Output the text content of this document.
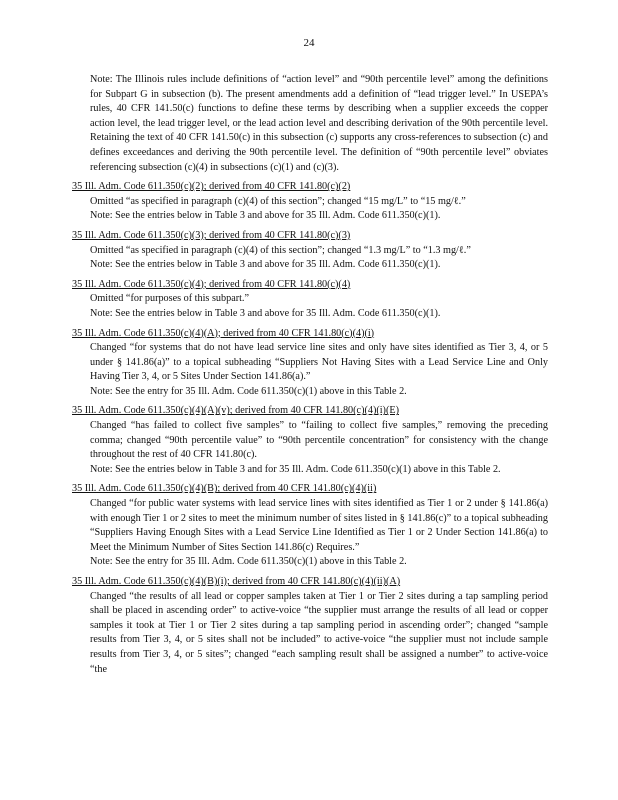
24

Note: The Illinois rules include definitions of “action level” and “90th percentile level” among the definitions for Subpart G in subsection (b). The present amendments add a definition of “lead trigger level.” In USEPA’s rules, 40 CFR 141.50(c) functions to define these terms by describing when a supplier exceeds the copper action level, the lead trigger level, or the lead action level and describing derivation of the 90th percentile level. Retaining the text of 40 CFR 141.50(c) in this subsection (c) supports any cross-references to subsection (c) and defines exceedances and deriving the 90th percentile level. The definition of “90th percentile level” obviates referencing subsection (c)(4) in subsections (c)(1) and (c)(3).

35 Ill. Adm. Code 611.350(c)(2); derived from 40 CFR 141.80(c)(2)

Omitted “as specified in paragraph (c)(4) of this section”; changed “15 mg/L” to “15 mg/ℓ.”

Note: See the entries below in Table 3 and above for 35 Ill. Adm. Code 611.350(c)(1).

35 Ill. Adm. Code 611.350(c)(3); derived from 40 CFR 141.80(c)(3)

Omitted “as specified in paragraph (c)(4) of this section”; changed “1.3 mg/L” to “1.3 mg/ℓ.”

Note: See the entries below in Table 3 and above for 35 Ill. Adm. Code 611.350(c)(1).

35 Ill. Adm. Code 611.350(c)(4); derived from 40 CFR 141.80(c)(4)

Omitted “for purposes of this subpart.”

Note: See the entries below in Table 3 and above for 35 Ill. Adm. Code 611.350(c)(1).

35 Ill. Adm. Code 611.350(c)(4)(A); derived from 40 CFR 141.80(c)(4)(i)

Changed “for systems that do not have lead service line sites and only have sites identified as Tier 3, 4, or 5 under § 141.86(a)” to a topical subheading “Suppliers Not Having Sites with a Lead Service Line and Only Having Tier 3, 4, or 5 Sites Under Section 141.86(a).”

Note: See the entry for 35 Ill. Adm. Code 611.350(c)(1) above in this Table 2.

35 Ill. Adm. Code 611.350(c)(4)(A)(v); derived from 40 CFR 141.80(c)(4)(i)(E)

Changed “has failed to collect five samples” to “failing to collect five samples,” removing the preceding comma; changed “90th percentile value” to “90th percentile concentration” for consistency with the change throughout the rest of 40 CFR 141.80(c).

Note: See the entries below in Table 3 and for 35 Ill. Adm. Code 611.350(c)(1) above in this Table 2.

35 Ill. Adm. Code 611.350(c)(4)(B); derived from 40 CFR 141.80(c)(4)(ii)

Changed “for public water systems with lead service lines with sites identified as Tier 1 or 2 under § 141.86(a) with enough Tier 1 or 2 sites to meet the minimum number of sites listed in § 141.86(c)” to a topical subheading “Suppliers Having Enough Sites with a Lead Service Line Identified as Tier 1 or 2 Under Section 141.86(a) to Meet the Minimum Number of Sites Section 141.86(c) Requires.”

Note: See the entry for 35 Ill. Adm. Code 611.350(c)(1) above in this Table 2.

35 Ill. Adm. Code 611.350(c)(4)(B)(i); derived from 40 CFR 141.80(c)(4)(ii)(A)

Changed “the results of all lead or copper samples taken at Tier 1 or Tier 2 sites during a tap sampling period shall be placed in ascending order” to active-voice “the supplier must arrange the results of all lead or copper samples it took at Tier 1 or Tier 2 sites during a tap sampling period in ascending order”; changed “sample results from Tier 3, 4, or 5 sites shall not be included” to active-voice “the supplier must not include sample results from Tier 3, 4, or 5 sites”; changed “each sampling result shall be assigned a number” to active-voice “the
